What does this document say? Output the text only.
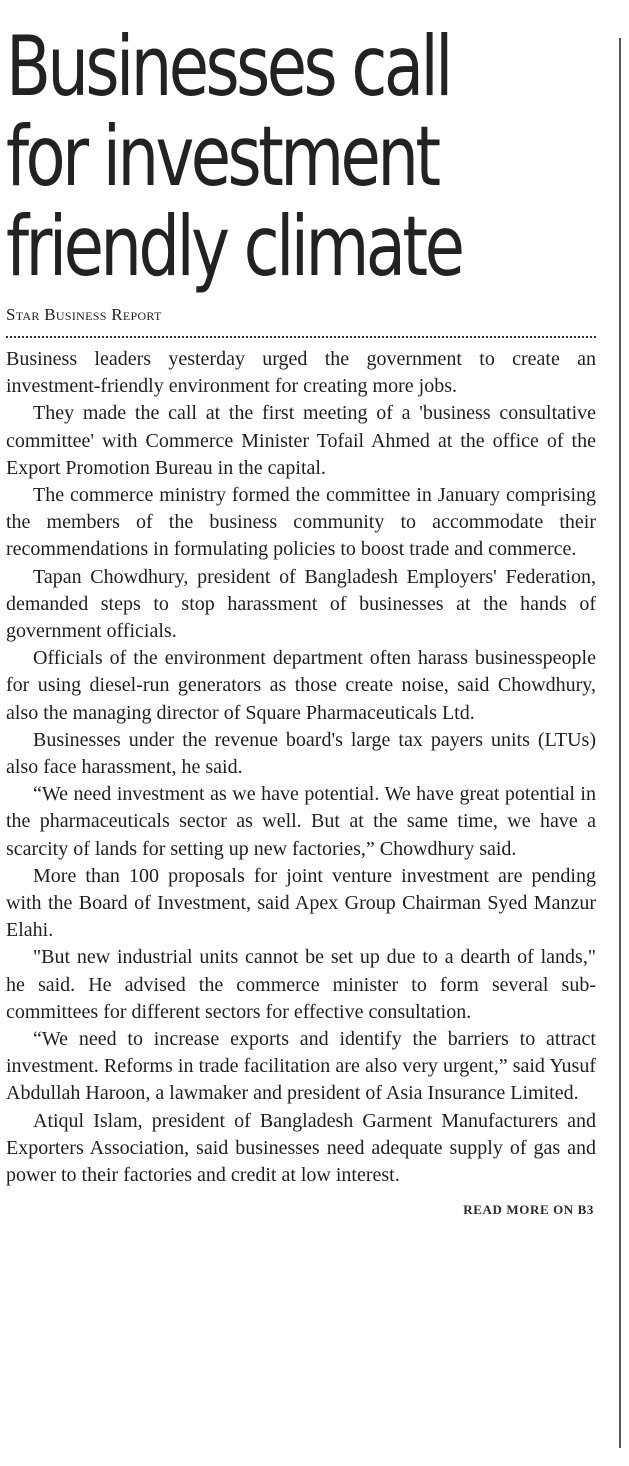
Businesses call
for investment
friendly climate
Star Business Report

Business leaders yesterday urged the government to create an investment-friendly environment for creating more jobs.

They made the call at the first meeting of a 'business consultative committee' with Commerce Minister Tofail Ahmed at the office of the Export Promotion Bureau in the capital.

The commerce ministry formed the committee in January comprising the members of the business community to accommodate their recommendations in formulating policies to boost trade and commerce.

Tapan Chowdhury, president of Bangladesh Employers' Federation, demanded steps to stop harassment of businesses at the hands of government officials.

Officials of the environment department often harass businesspeople for using diesel-run generators as those create noise, said Chowdhury, also the managing director of Square Pharmaceuticals Ltd.

Businesses under the revenue board's large tax payers units (LTUs) also face harassment, he said.

“We need investment as we have potential. We have great potential in the pharmaceuticals sector as well. But at the same time, we have a scarcity of lands for setting up new factories,” Chowdhury said.

More than 100 proposals for joint venture investment are pending with the Board of Investment, said Apex Group Chairman Syed Manzur Elahi.

"But new industrial units cannot be set up due to a dearth of lands," he said. He advised the commerce minister to form several sub-committees for different sectors for effective consultation.

“We need to increase exports and identify the barriers to attract investment. Reforms in trade facilitation are also very urgent,” said Yusuf Abdullah Haroon, a lawmaker and president of Asia Insurance Limited.

Atiqul Islam, president of Bangladesh Garment Manufacturers and Exporters Association, said businesses need adequate supply of gas and power to their factories and credit at low interest.

READ MORE ON B3
